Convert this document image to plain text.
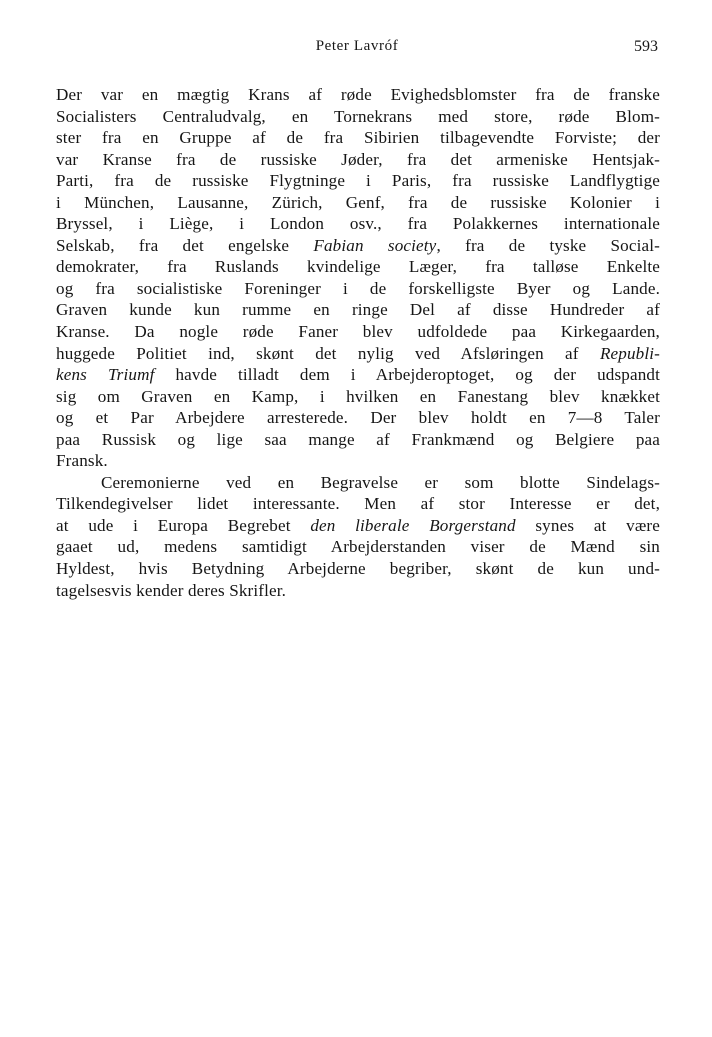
Peter Lavróf	593
Der var en mægtig Krans af røde Evighedsblomster fra de franske
Socialisters Centraludvalg, en Tornekrans med store, røde Blom-
ster fra en Gruppe af de fra Sibirien tilbagevendte Forviste; der
var Kranse fra de russiske Jøder, fra det armeniske Hentsjak-
Parti, fra de russiske Flygtninge i Paris, fra russiske Landflygtige
i München, Lausanne, Zürich, Genf, fra de russiske Kolonier i
Bryssel, i Liège, i London osv., fra Polakkernes internationale
Selskab, fra det engelske Fabian society, fra de tyske Social-
demokrater, fra Ruslands kvindelige Læger, fra talløse Enkelte
og fra socialistiske Foreninger i de forskelligste Byer og Lande.
Graven kunde kun rumme en ringe Del af disse Hundreder af
Kranse. Da nogle røde Faner blev udfoldede paa Kirkegaarden,
huggede Politiet ind, skønt det nylig ved Afsløringen af Republi-
kens Triumf havde tilladt dem i Arbejderoptoget, og der udspandt
sig om Graven en Kamp, i hvilken en Fanestang blev knækket
og et Par Arbejdere arresterede. Der blev holdt en 7—8 Taler
paa Russisk og lige saa mange af Frankmænd og Belgiere paa
Fransk.
Ceremonierne ved en Begravelse er som blotte Sindelags-
Tilkendegivelser lidet interessante. Men af stor Interesse er det,
at ude i Europa Begrebet den liberale Borgerstand synes at være
gaaet ud, medens samtidigt Arbejderstanden viser de Mænd sin
Hyldest, hvis Betydning Arbejderne begriber, skønt de kun und-
tagelsesvis kender deres Skrifler.
